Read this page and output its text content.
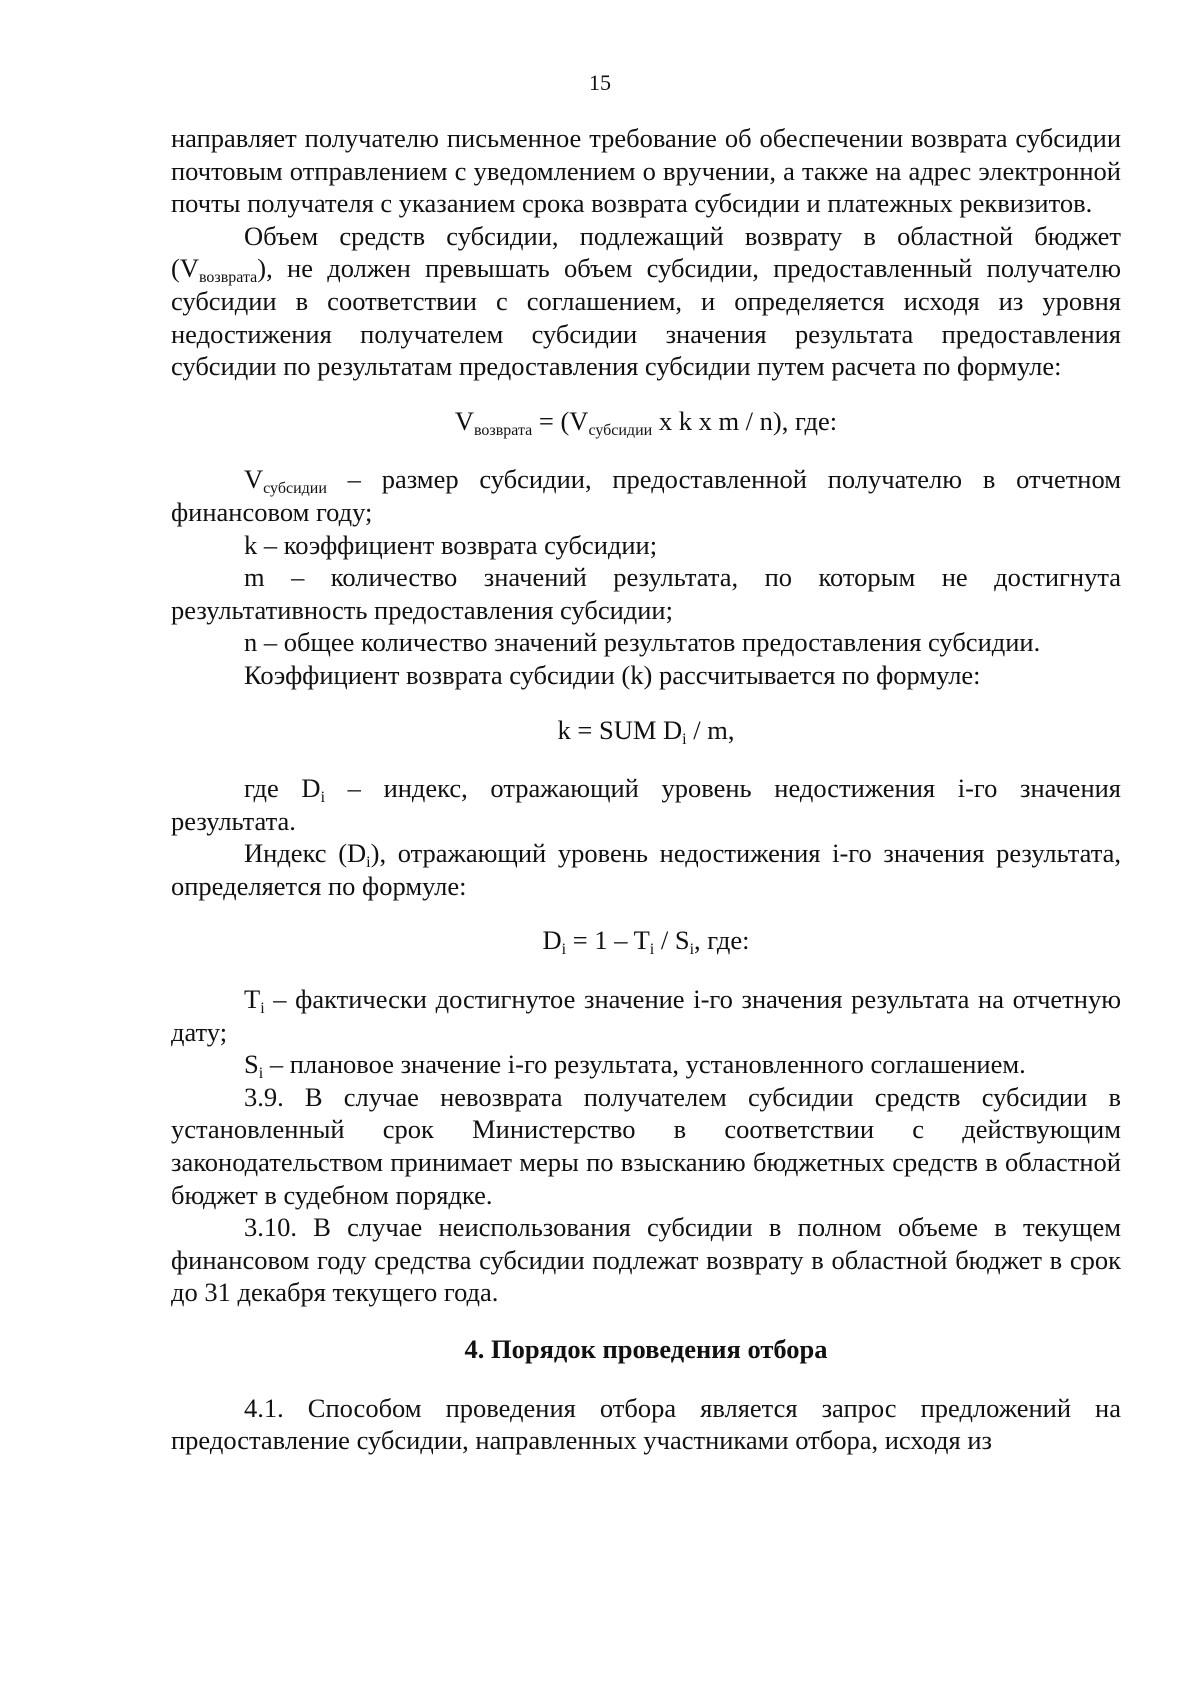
15

направляет получателю письменное требование об обеспечении возврата субсидии почтовым отправлением с уведомлением о вручении, а также на адрес электронной почты получателя с указанием срока возврата субсидии и платежных реквизитов.

Объем средств субсидии, подлежащий возврату в областной бюджет $(V_{возврата})$, не должен превышать объем субсидии, предоставленный получателю субсидии в соответствии с соглашением, и определяется исходя из уровня недостижения получателем субсидии значения результата предоставления субсидии по результатам предоставления субсидии путем расчета по формуле:

$V_{возврата} = (V_{субсидии}$ x k x m / n), где:

$V_{субсидии}$ – размер субсидии, предоставленной получателю в отчетном финансовом году;

k – коэффициент возврата субсидии;

m – количество значений результата, по которым не достигнута результативность предоставления субсидии;

n – общее количество значений результатов предоставления субсидии.

Коэффициент возврата субсидии (k) рассчитывается по формуле:

k = SUM $D_i$ / m,

где $D_i$ – индекс, отражающий уровень недостижения i-го значения результата.

Индекс $(D_i)$, отражающий уровень недостижения i-го значения результата, определяется по формуле:

$D_i = 1 - T_i / S_i$, где:

$T_i$ – фактически достигнутое значение i-го значения результата на отчетную дату;

$S_i$ – плановое значение i-го результата, установленного соглашением.

3.9. В случае невозврата получателем субсидии средств субсидии в установленный срок Министерство в соответствии с действующим законодательством принимает меры по взысканию бюджетных средств в областной бюджет в судебном порядке.

3.10. В случае неиспользования субсидии в полном объеме в текущем финансовом году средства субсидии подлежат возврату в областной бюджет в срок до 31 декабря текущего года.

4. Порядок проведения отбора

4.1. Способом проведения отбора является запрос предложений на предоставление субсидии, направленных участниками отбора, исходя из
